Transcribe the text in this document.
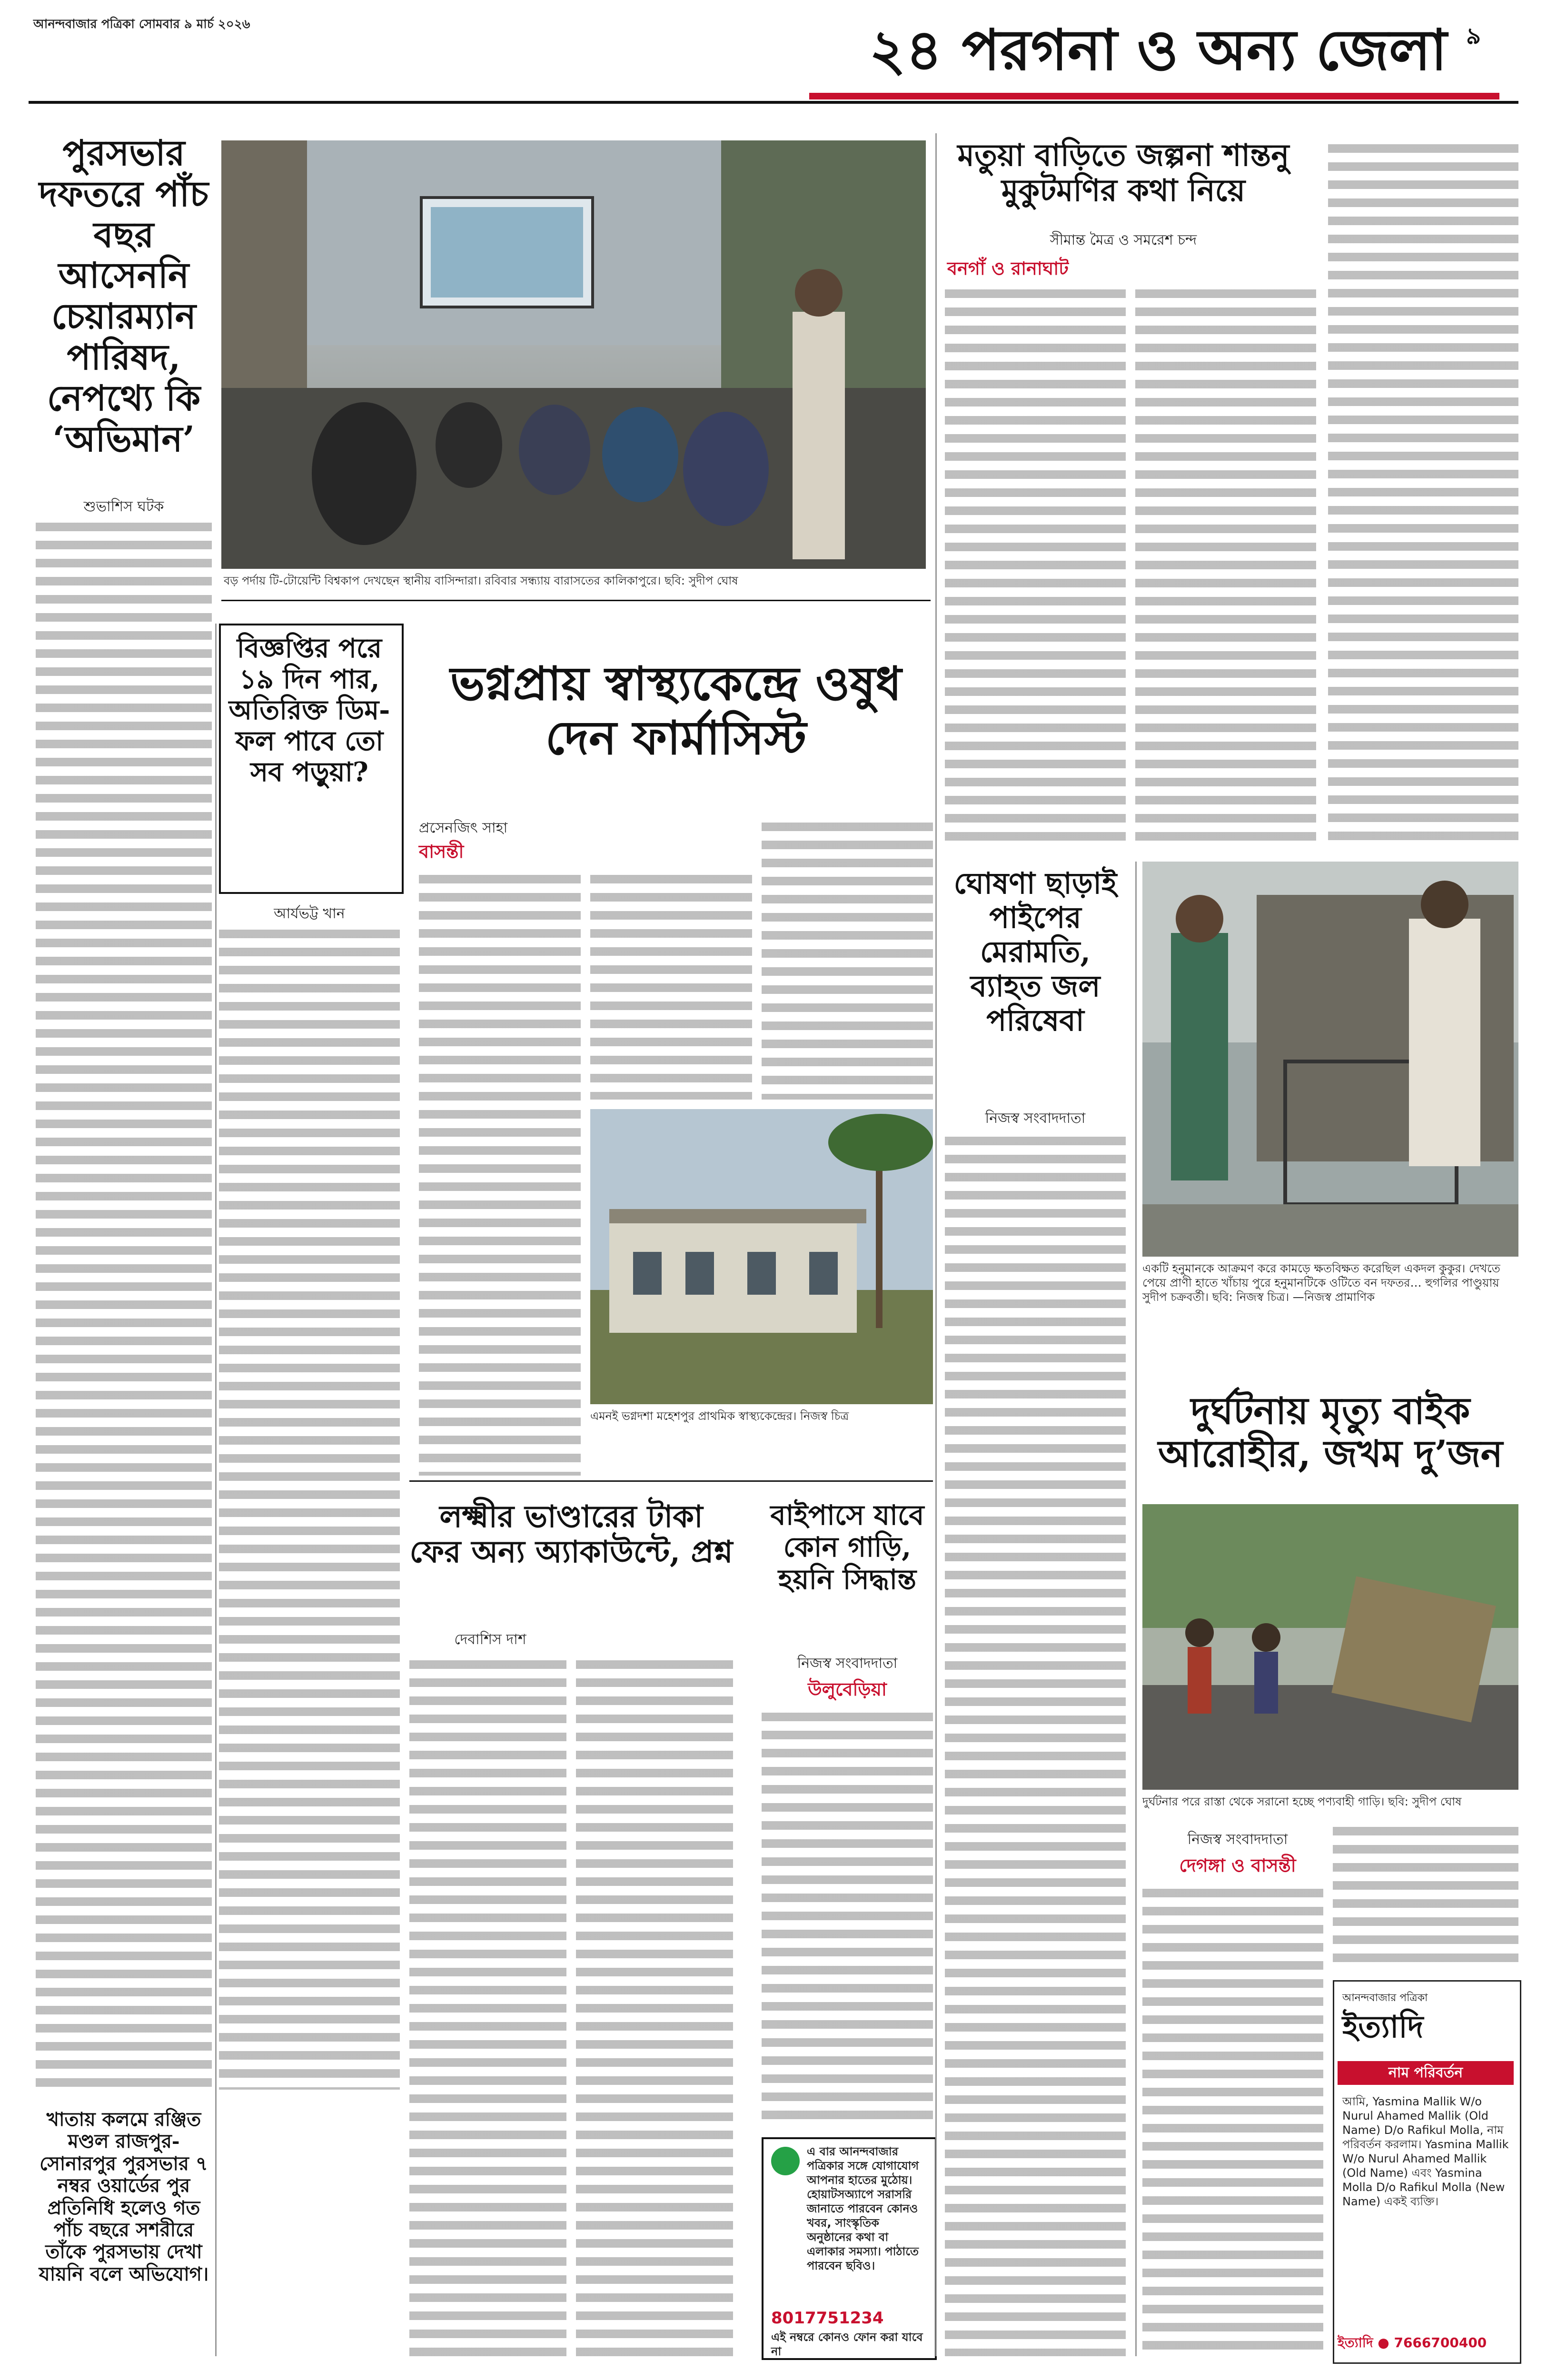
আনন্দবাজার পত্রিকা সোমবার ৯ মার্চ ২০২৬	২৪ পরগনা ও অন্য জেলা ৯
পুরসভার দফতরে পাঁচ বছর আসেননি চেয়ারম্যান পারিষদ, নেপথ্যে কি ‘অভিমান’
শুভাশিস ঘটক
বড় পর্দায় টি-টোয়েন্টি বিশ্বকাপ দেখছেন স্থানীয় বাসিন্দারা। রবিবার সন্ধ্যায় বারাসতের কালিকাপুরে। ছবি: সুদীপ ঘোষ
মতুয়া বাড়িতে জল্পনা শান্তনু মুকুটমণির কথা নিয়ে
সীমান্ত মৈত্র ও সমরেশ চন্দ
বনগাঁ ও রানাঘাট
বিজ্ঞপ্তির পরে ১৯ দিন পার, অতিরিক্ত ডিম-ফল পাবে তো সব পড়ুয়া?
আর্যভট্ট খান
ভগ্নপ্রায় স্বাস্থ্যকেন্দ্রে ওষুধ দেন ফার্মাসিস্ট
প্রসেনজিৎ সাহা
বাসন্তী
এমনই ভগ্নদশা মহেশপুর প্রাথমিক স্বাস্থ্যকেন্দ্রের। নিজস্ব চিত্র
ঘোষণা ছাড়াই পাইপের মেরামতি, ব্যাহত জল পরিষেবা
নিজস্ব সংবাদদাতা
একটি হনুমানকে আক্রমণ করে কামড়ে ক্ষতবিক্ষত করেছিল একদল কুকুর। দেখতে পেয়ে প্রাণী হাতে খাঁচায় পুরে হনুমানটিকে ওটিতে বন দফতর… হুগলির পাণ্ডুয়ায় সুদীপ চক্রবর্তী। ছবি: নিজস্ব চিত্র। —নিজস্ব প্রামাণিক
দুর্ঘটনায় মৃত্যু বাইক আরোহীর, জখম দু’জন
দুর্ঘটনার পরে রাস্তা থেকে সরানো হচ্ছে পণ্যবাহী গাড়ি। ছবি: সুদীপ ঘোষ
নিজস্ব সংবাদদাতা
দেগঙ্গা ও বাসন্তী
খাতায় কলমে রঞ্জিত মণ্ডল রাজপুর-সোনারপুর পুরসভার ৭ নম্বর ওয়ার্ডের পুর প্রতিনিধি হলেও গত পাঁচ বছরে সশরীরে তাঁকে পুরসভায় দেখা যায়নি বলে অভিযোগ।
লক্ষ্মীর ভাণ্ডারের টাকা ফের অন্য অ্যাকাউন্টে, প্রশ্ন
দেবাশিস দাশ
বাইপাসে যাবে কোন গাড়ি, হয়নি সিদ্ধান্ত
নিজস্ব সংবাদদাতা
উলুবেড়িয়া
এ বার আনন্দবাজার পত্রিকার সঙ্গে যোগাযোগ আপনার হাতের মুঠোয়। হোয়াটসঅ্যাপে সরাসরি জানাতে পারবেন কোনও খবর, সাংস্কৃতিক অনুষ্ঠানের কথা বা এলাকার সমস্যা। পাঠাতে পারবেন ছবিও।
8017751234
এই নম্বরে কোনও ফোন করা যাবে না
আনন্দবাজার পত্রিকা
ইত্যাদি
নাম পরিবর্তন
আমি, Yasmina Mallik W/o Nurul Ahamed Mallik (Old Name) D/o Rafikul Molla, নাম পরিবর্তন করলাম। Yasmina Mallik W/o Nurul Ahamed Mallik (Old Name) এবং Yasmina Molla D/o Rafikul Molla (New Name) একই ব্যক্তি।
ইত্যাদি ● 7666700400
